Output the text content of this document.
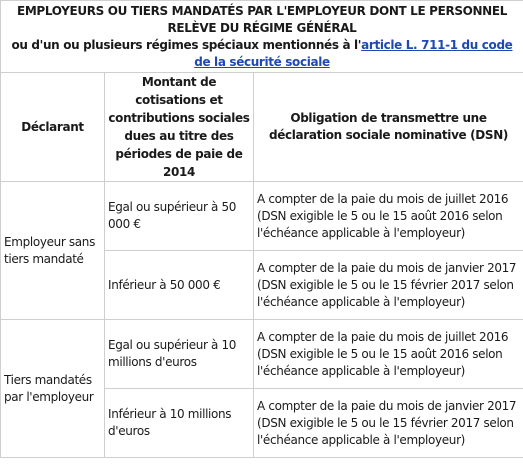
EMPLOYEURS OU TIERS MANDATÉS PAR L'EMPLOYEUR DONT LE PERSONNEL RELÈVE DU RÉGIME GÉNÉRAL
ou d'un ou plusieurs régimes spéciaux mentionnés à l'article L. 711-1 du code de la sécurité sociale		
Déclarant	Montant de cotisations et contributions sociales dues au titre des périodes de paie de 2014	Obligation de transmettre une déclaration sociale nominative (DSN)
Employeur sans tiers mandaté	Egal ou supérieur à 50 000 €	A compter de la paie du mois de juillet 2016 (DSN exigible le 5 ou le 15 août 2016 selon l'échéance applicable à l'employeur)
	Inférieur à 50 000 €	A compter de la paie du mois de janvier 2017 (DSN exigible le 5 ou le 15 février 2017 selon l'échéance applicable à l'employeur)
Tiers mandatés par l'employeur	Egal ou supérieur à 10 millions d'euros	A compter de la paie du mois de juillet 2016 (DSN exigible le 5 ou le 15 août 2016 selon l'échéance applicable à l'employeur)
	Inférieur à 10 millions d'euros	A compter de la paie du mois de janvier 2017 (DSN exigible le 5 ou le 15 février 2017 selon l'échéance applicable à l'employeur)
